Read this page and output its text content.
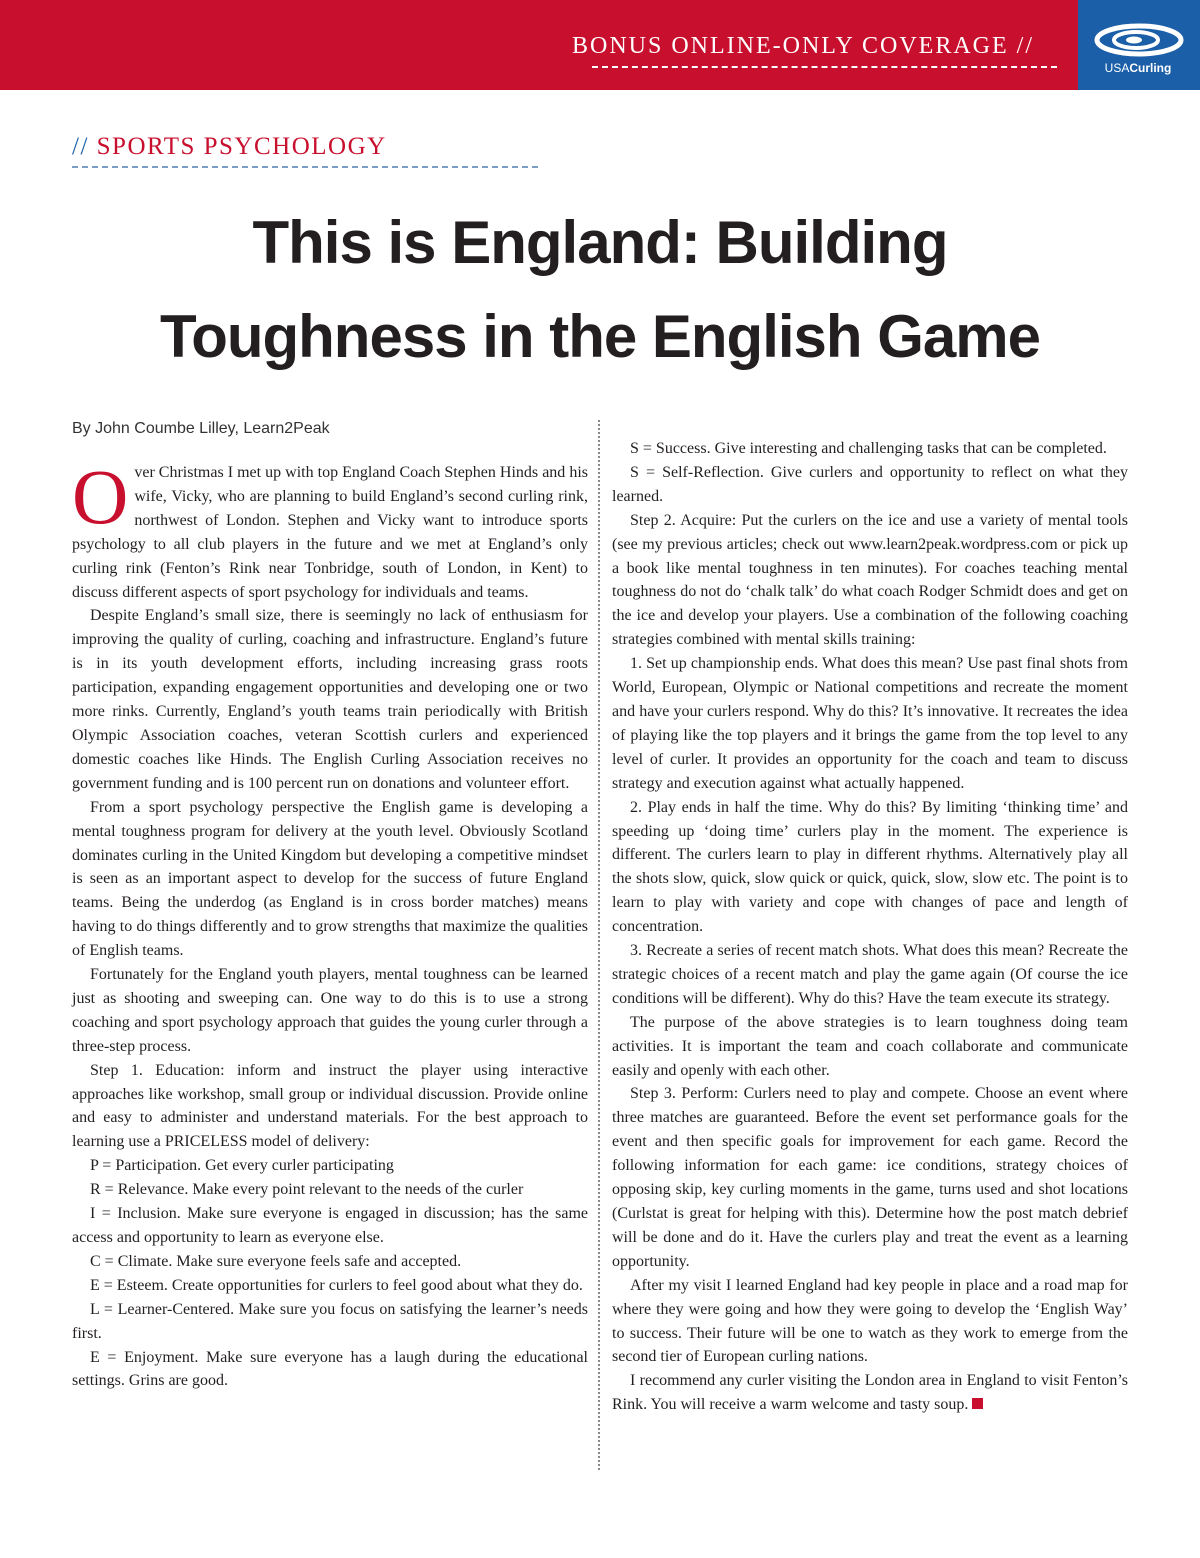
BONUS ONLINE-ONLY COVERAGE //
USACurling
// SPORTS PSYCHOLOGY
This is England: Building
Toughness in the English Game
By John Coumbe Lilley, Learn2Peak

Over Christmas I met up with top England Coach Stephen Hinds and his wife, Vicky, who are planning to build England’s second curling rink, northwest of London. Stephen and Vicky want to introduce sports psychology to all club players in the future and we met at England’s only curling rink (Fenton’s Rink near Tonbridge, south of London, in Kent) to discuss different aspects of sport psychology for individuals and teams.

Despite England’s small size, there is seemingly no lack of enthusiasm for improving the quality of curling, coaching and infrastructure. England’s future is in its youth development efforts, including increasing grass roots participation, expanding engagement opportunities and developing one or two more rinks. Currently, England’s youth teams train periodically with British Olympic Association coaches, veteran Scottish curlers and experienced domestic coaches like Hinds. The English Curling Association receives no government funding and is 100 percent run on donations and volunteer effort.

From a sport psychology perspective the English game is developing a mental toughness program for delivery at the youth level. Obviously Scotland dominates curling in the United Kingdom but developing a competitive mindset is seen as an important aspect to develop for the success of future England teams. Being the underdog (as England is in cross border matches) means having to do things differently and to grow strengths that maximize the qualities of English teams.

Fortunately for the England youth players, mental toughness can be learned just as shooting and sweeping can. One way to do this is to use a strong coaching and sport psychology approach that guides the young curler through a three-step process.

Step 1. Education: inform and instruct the player using interactive approaches like workshop, small group or individual discussion. Provide online and easy to administer and understand materials. For the best approach to learning use a PRICELESS model of delivery:

P = Participation. Get every curler participating

R = Relevance. Make every point relevant to the needs of the curler

I = Inclusion. Make sure everyone is engaged in discussion; has the same access and opportunity to learn as everyone else.

C = Climate. Make sure everyone feels safe and accepted.

E = Esteem. Create opportunities for curlers to feel good about what they do.

L = Learner-Centered. Make sure you focus on satisfying the learner’s needs first.

E = Enjoyment. Make sure everyone has a laugh during the educational settings. Grins are good.

S = Success. Give interesting and challenging tasks that can be completed.

S = Self-Reflection. Give curlers and opportunity to reflect on what they learned.

Step 2. Acquire: Put the curlers on the ice and use a variety of mental tools (see my previous articles; check out www.learn2peak.wordpress.com or pick up a book like mental toughness in ten minutes). For coaches teaching mental toughness do not do ‘chalk talk’ do what coach Rodger Schmidt does and get on the ice and develop your players. Use a combination of the following coaching strategies combined with mental skills training:

1. Set up championship ends. What does this mean? Use past final shots from World, European, Olympic or National competitions and recreate the moment and have your curlers respond. Why do this? It’s innovative. It recreates the idea of playing like the top players and it brings the game from the top level to any level of curler. It provides an opportunity for the coach and team to discuss strategy and execution against what actually happened.

2. Play ends in half the time. Why do this? By limiting ‘thinking time’ and speeding up ‘doing time’ curlers play in the moment. The experience is different. The curlers learn to play in different rhythms. Alternatively play all the shots slow, quick, slow quick or quick, quick, slow, slow etc. The point is to learn to play with variety and cope with changes of pace and length of concentration.

3. Recreate a series of recent match shots. What does this mean? Recreate the strategic choices of a recent match and play the game again (Of course the ice conditions will be different). Why do this? Have the team execute its strategy.

The purpose of the above strategies is to learn toughness doing team activities. It is important the team and coach collaborate and communicate easily and openly with each other.

Step 3. Perform: Curlers need to play and compete. Choose an event where three matches are guaranteed. Before the event set performance goals for the event and then specific goals for improvement for each game. Record the following information for each game: ice conditions, strategy choices of opposing skip, key curling moments in the game, turns used and shot locations (Curlstat is great for helping with this). Determine how the post match debrief will be done and do it. Have the curlers play and treat the event as a learning opportunity.

After my visit I learned England had key people in place and a road map for where they were going and how they were going to develop the ‘English Way’ to success. Their future will be one to watch as they work to emerge from the second tier of European curling nations.

I recommend any curler visiting the London area in England to visit Fenton’s Rink. You will receive a warm welcome and tasty soup.
